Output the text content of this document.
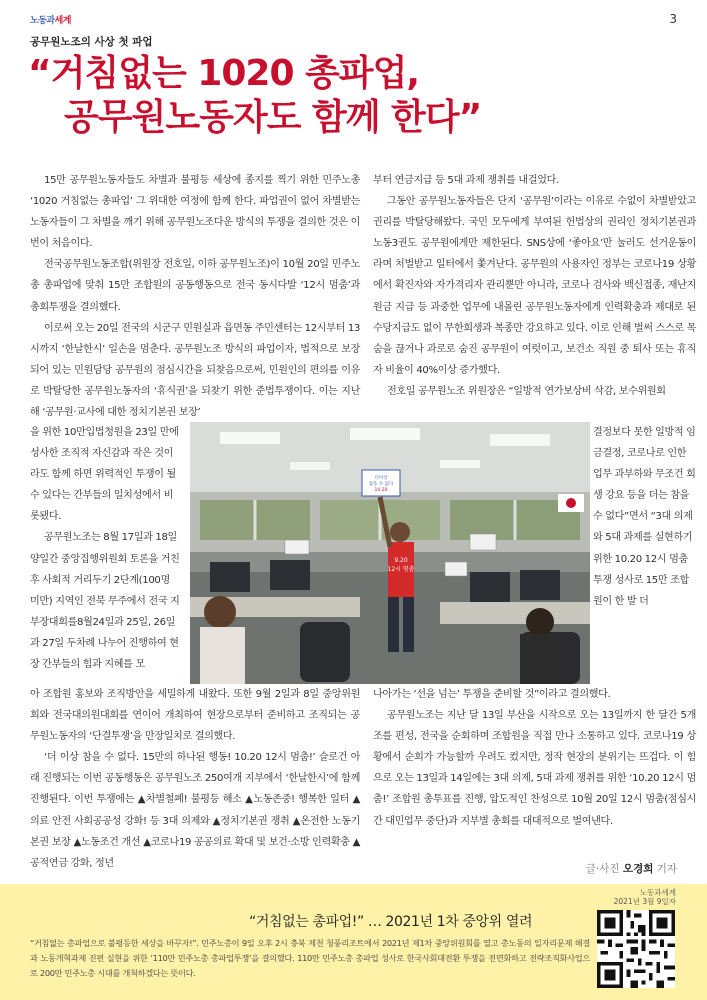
노동과세계	3
공무원노조의 사상 첫 파업
“거침없는 1020 총파업,
공무원노동자도 함께 한다”

15만 공무원노동자들도 차별과 불평등 세상에 종지를 찍기 위한 민주노총 ‘1020 거침없는 총파업’ 그 위대한 여정에 함께 한다. 파업권이 없어 차별받는 노동자들이 그 차별을 깨기 위해 공무원노조다운 방식의 투쟁을 결의한 것은 이번이 처음이다.

전국공무원노동조합(위원장 전호일, 이하 공무원노조)이 10월 20일 민주노총 총파업에 맞춰 15만 조합원의 공동행동으로 전국 동시다발 ‘12시 멈춤’과 총회투쟁을 결의했다.

이로써 오는 20일 전국의 시군구 민원실과 읍면동 주민센터는 12시부터 13시까지 ‘한날한시’ 일손을 멈춘다. 공무원노조 방식의 파업이자, 법적으로 보장되어 있는 민원담당 공무원의 점심시간을 되찾음으로써, 민원인의 편의를 이유로 박탈당한 공무원노동자의 ‘휴식권’을 되찾기 위한 준법투쟁이다. 이는 지난 해 ‘공무원·교사에 대한 정치기본권 보장’

부터 연금지급 등 5대 과제 쟁취를 내걸었다.

그동안 공무원노동자들은 단지 ‘공무원’이라는 이유로 수없이 차별받았고 권리를 박탈당해왔다. 국민 모두에게 부여된 헌법상의 권리인 정치기본권과 노동3권도 공무원에게만 제한된다. SNS상에 ‘좋아요’만 눌러도 선거운동이라며 처벌받고 일터에서 쫓겨난다. 공무원의 사용자인 정부는 코로나19 상황에서 확진자와 자가격리자 관리뿐만 아니라, 코로나 검사와 백신접종, 재난지원금 지급 등 과중한 업무에 내몰린 공무원노동자에게 인력확충과 제대로 된 수당지급도 없이 무한희생과 복종만 강요하고 있다. 이로 인해 벌써 스스로 목숨을 끊거나 과로로 숨진 공무원이 여럿이고, 보건소 직원 중 퇴사 또는 휴직자 비율이 40%이상 증가했다.

전호일 공무원노조 위원장은 “일방적 연가보상비 삭감, 보수위원회

을 위한 10만입법청원을 23일 만에 성사한 조직적 자신감과 작은 것이라도 함께 하면 위력적인 투쟁이 될 수 있다는 간부들의 일치성에서 비롯됐다.

공무원노조는 8월 17일과 18일 양일간 중앙집행위원회 토론을 거친 후 사회적 거리두기 2단계(100명 미만) 지역인 전북 무주에서 전국 지부장대회를8월24일과 25일, 26일과 27일 두차례 나누어 진행하여 현장 간부들의 힘과 지혜를 모

결정보다 못한 일방적 임금결정, 코로나로 인한 업무 과부하와 무조건 희생 강요 등을 더는 참을 수 없다”면서 “3대 의제와 5대 과제를 실현하기 위한 10.20 12시 멈춤투쟁 성사로 15만 조합원이 한 발 더

9.20
12시 멈춤
더이상
참을 수 없다
10.20

아 조합원 홍보와 조직방안을 세밀하게 내왔다. 또한 9월 2일과 8일 중앙위원회와 전국대의원대회를 연이어 개최하여 현장으로부터 준비하고 조직되는 공무원노동자의 ‘단결투쟁’을 만장일치로 결의했다.

‘더 이상 참을 수 없다. 15만의 하나된 행동! 10.20 12시 멈춤!’ 슬로건 아래 진행되는 이번 공동행동은 공무원노조 250여개 지부에서 ‘한날한시’에 함께 진행된다. 이번 투쟁에는 ▲차별철폐! 불평등 해소 ▲노동존중! 행복한 일터 ▲의료 안전 사회공공성 강화! 등 3대 의제와 ▲정치기본권 쟁취 ▲온전한 노동기본권 보장 ▲노동조건 개선 ▲코로나19 공공의료 확대 및 보건·소방 인력확충 ▲공적연금 강화, 정년

나아가는 ‘선을 넘는’ 투쟁을 준비할 것”이라고 결의했다.

공무원노조는 지난 달 13일 부산을 시작으로 오는 13일까지 한 달간 5개조를 편성, 전국을 순회하며 조합원을 직접 만나 소통하고 있다. 코로나19 상황에서 순회가 가능할까 우려도 컸지만, 정작 현장의 분위기는 뜨겁다. 이 힘으로 오는 13일과 14일에는 3대 의제, 5대 과제 쟁취를 위한 ‘10.20 12시 멈춤!’ 조합원 총투표를 진행, 압도적인 찬성으로 10월 20일 12시 멈춤(점심시간 대민업무 중단)과 지부별 총회를 대대적으로 벌여낸다.

글·사진 오경희 기자
“거침없는 총파업!” … 2021년 1차 중앙위 열려
“거침없는 총파업으로 불평등한 세상을 바꾸자!”. 민주노총이 9일 오후 2시 충북 제천 청풍리조트에서 2021년 제1차 중앙위원회를 열고 총노동의 일자리문제 해결과 노동개혁과제 진편 실현을 위한 ‘110만 민주노총 총파업투쟁’을 결의했다. 110만 민주노총 총파업 성사로 한국사회대전환 투쟁을 전면화하고 전략조직화사업으로 200만 민주노총 시대를 개척하겠다는 뜻이다.
노동과세계
2021년 3월 9일자
